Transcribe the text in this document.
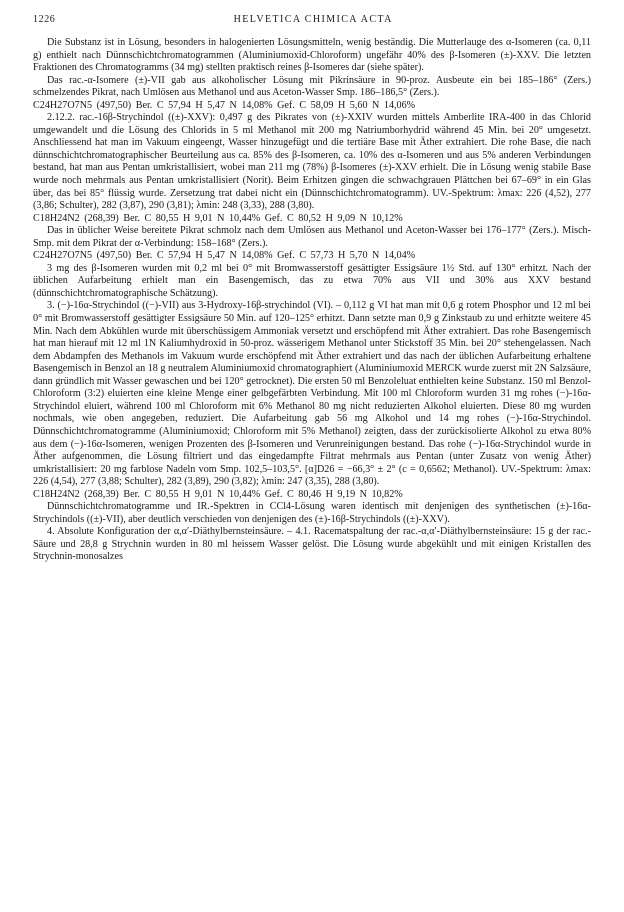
1226	HELVETICA CHIMICA ACTA

Die Substanz ist in Lösung, besonders in halogenierten Lösungsmitteln, wenig beständig. Die Mutterlauge des α-Isomeren (ca. 0,11 g) enthielt nach Dünnschichtchromatogrammen (Aluminiumoxid-Chloroform) ungefähr 40% des β-Isomeren (±)-XXV. Die letzten Fraktionen des Chromatogramms (34 mg) stellten praktisch reines β-Isomeres dar (siehe später).

Das rac.-α-Isomere (±)-VII gab aus alkoholischer Lösung mit Pikrinsäure in 90-proz. Ausbeute ein bei 185–186° (Zers.) schmelzendes Pikrat, nach Umlösen aus Methanol und aus Aceton-Wasser Smp. 186–186,5° (Zers.).

C24H27O7N5 (497,50) Ber. C 57,94 H 5,47 N 14,08% Gef. C 58,09 H 5,60 N 14,06%

2.12.2. rac.-16β-Strychindol ((±)-XXV): 0,497 g des Pikrates von (±)-XXIV wurden mittels Amberlite IRA-400 in das Chlorid umgewandelt und die Lösung des Chlorids in 5 ml Methanol mit 200 mg Natriumborhydrid während 45 Min. bei 20° umgesetzt. Anschliessend hat man im Vakuum eingeengt, Wasser hinzugefügt und die tertiäre Base mit Äther extrahiert. Die rohe Base, die nach dünnschichtchromatographischer Beurteilung aus ca. 85% des β-Isomeren, ca. 10% des α-Isomeren und aus 5% anderen Verbindungen bestand, hat man aus Pentan umkristallisiert, wobei man 211 mg (78%) β-Isomeres (±)-XXV erhielt. Die in Lösung wenig stabile Base wurde noch mehrmals aus Pentan umkristallisiert (Norit). Beim Erhitzen gingen die schwachgrauen Plättchen bei 67–69° in ein Glas über, das bei 85° flüssig wurde. Zersetzung trat dabei nicht ein (Dünnschichtchromatogramm). UV.-Spektrum: λmax: 226 (4,52), 277 (3,86; Schulter), 282 (3,87), 290 (3,81); λmin: 248 (3,33), 288 (3,80).

C18H24N2 (268,39) Ber. C 80,55 H 9,01 N 10,44% Gef. C 80,52 H 9,09 N 10,12%

Das in üblicher Weise bereitete Pikrat schmolz nach dem Umlösen aus Methanol und Aceton-Wasser bei 176–177° (Zers.). Misch-Smp. mit dem Pikrat der α-Verbindung: 158–168° (Zers.).

C24H27O7N5 (497,50) Ber. C 57,94 H 5,47 N 14,08% Gef. C 57,73 H 5,70 N 14,04%

3 mg des β-Isomeren wurden mit 0,2 ml bei 0° mit Bromwasserstoff gesättigter Essigsäure 1½ Std. auf 130° erhitzt. Nach der üblichen Aufarbeitung erhielt man ein Basengemisch, das zu etwa 70% aus VII und 30% aus XXV bestand (dünnschichtchromatographische Schätzung).

3. (−)-16α-Strychindol ((−)-VII) aus 3-Hydroxy-16β-strychindol (VI). – 0,112 g VI hat man mit 0,6 g rotem Phosphor und 12 ml bei 0° mit Bromwasserstoff gesättigter Essigsäure 50 Min. auf 120–125° erhitzt. Dann setzte man 0,9 g Zinkstaub zu und erhitzte weitere 45 Min. Nach dem Abkühlen wurde mit überschüssigem Ammoniak versetzt und erschöpfend mit Äther extrahiert. Das rohe Basengemisch hat man hierauf mit 12 ml 1N Kaliumhydroxid in 50-proz. wässerigem Methanol unter Stickstoff 35 Min. bei 20° stehengelassen. Nach dem Abdampfen des Methanols im Vakuum wurde erschöpfend mit Äther extrahiert und das nach der üblichen Aufarbeitung erhaltene Basengemisch in Benzol an 18 g neutralem Aluminiumoxid chromatographiert (Aluminiumoxid MERCK wurde zuerst mit 2N Salzsäure, dann gründlich mit Wasser gewaschen und bei 120° getrocknet). Die ersten 50 ml Benzoleluat enthielten keine Substanz. 150 ml Benzol-Chloroform (3:2) eluierten eine kleine Menge einer gelbgefärbten Verbindung. Mit 100 ml Chloroform wurden 31 mg rohes (−)-16α-Strychindol eluiert, während 100 ml Chloroform mit 6% Methanol 80 mg nicht reduzierten Alkohol eluierten. Diese 80 mg wurden nochmals, wie oben angegeben, reduziert. Die Aufarbeitung gab 56 mg Alkohol und 14 mg rohes (−)-16α-Strychindol. Dünnschichtchromatogramme (Aluminiumoxid; Chloroform mit 5% Methanol) zeigten, dass der zurückisolierte Alkohol zu etwa 80% aus dem (−)-16α-Isomeren, wenigen Prozenten des β-Isomeren und Verunreinigungen bestand. Das rohe (−)-16α-Strychindol wurde in Äther aufgenommen, die Lösung filtriert und das eingedampfte Filtrat mehrmals aus Pentan (unter Zusatz von wenig Äther) umkristallisiert: 20 mg farblose Nadeln vom Smp. 102,5–103,5°. [α]D26 = −66,3° ± 2° (c = 0,6562; Methanol). UV.-Spektrum: λmax: 226 (4,54), 277 (3,88; Schulter), 282 (3,89), 290 (3,82); λmin: 247 (3,35), 288 (3,80).

C18H24N2 (268,39) Ber. C 80,55 H 9,01 N 10,44% Gef. C 80,46 H 9,19 N 10,82%

Dünnschichtchromatogramme und IR.-Spektren in CCl4-Lösung waren identisch mit denjenigen des synthetischen (±)-16α-Strychindols ((±)-VII), aber deutlich verschieden von denjenigen des (±)-16β-Strychindols ((±)-XXV).

4. Absolute Konfiguration der α,α′-Diäthylbernsteinsäure. – 4.1. Racematspaltung der rac.-α,α′-Diäthylbernsteinsäure: 15 g der rac.-Säure und 28,8 g Strychnin wurden in 80 ml heissem Wasser gelöst. Die Lösung wurde abgekühlt und mit einigen Kristallen des Strychnin-monosalzes
